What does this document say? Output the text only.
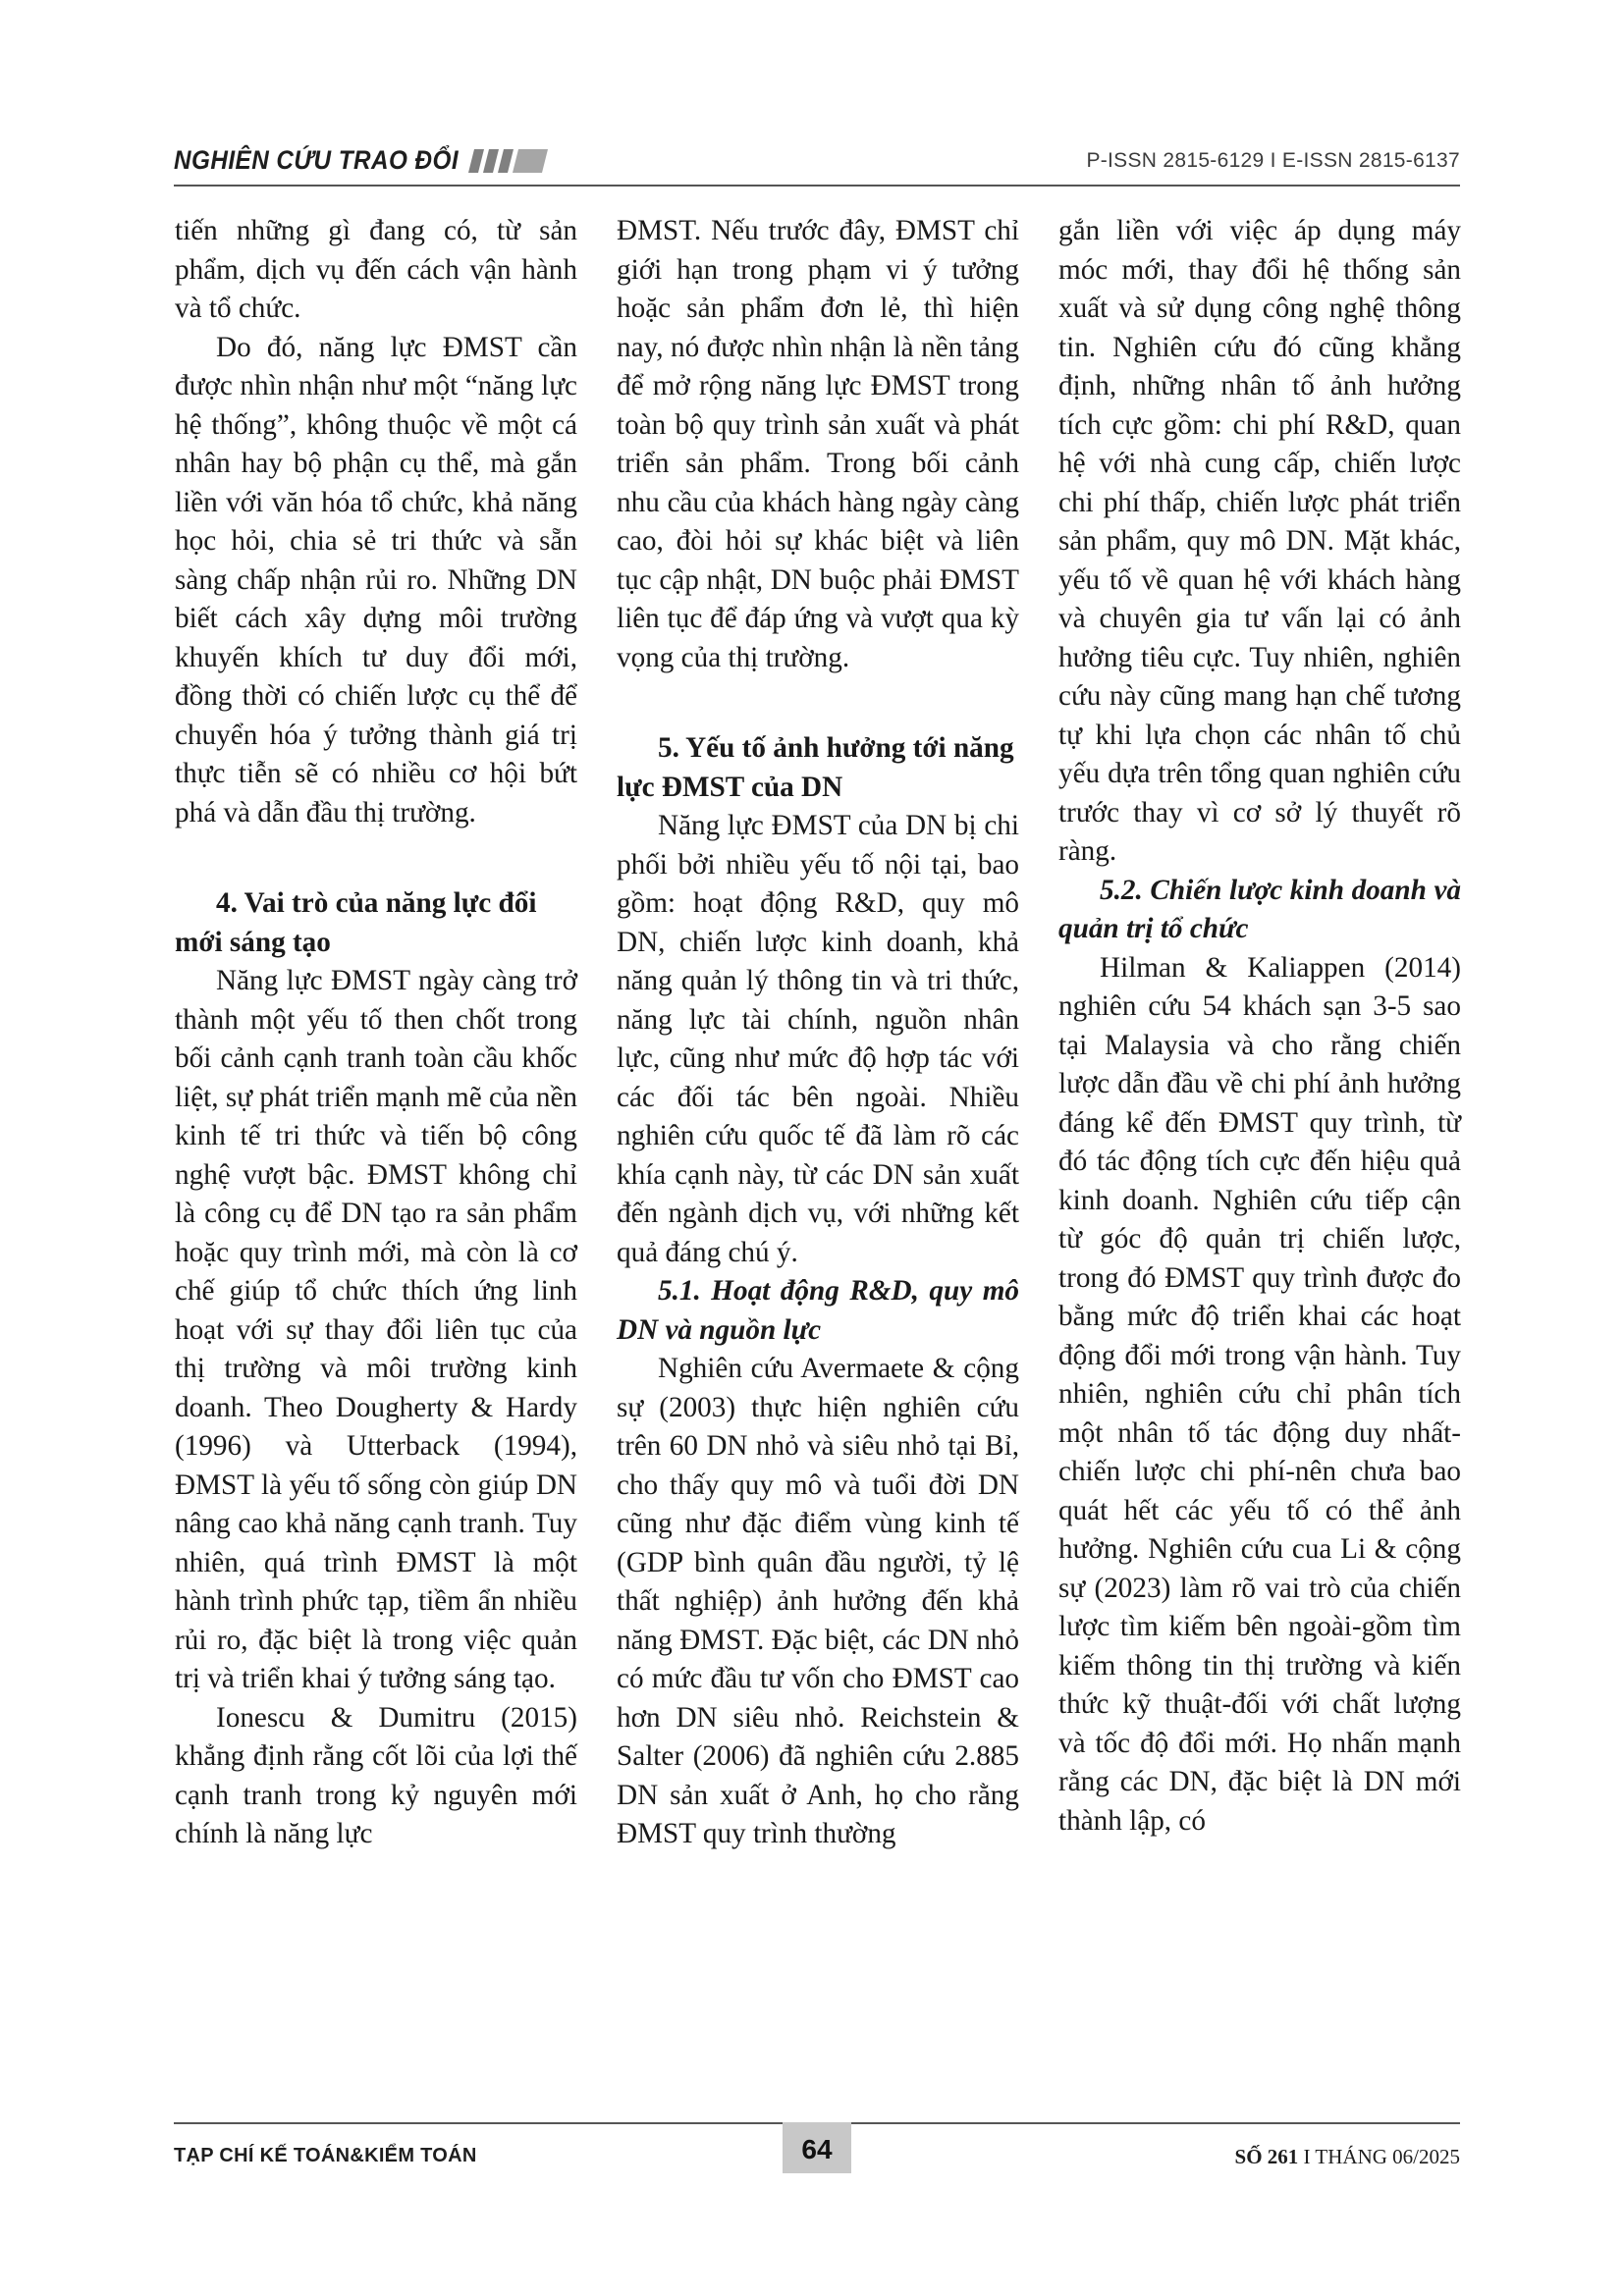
NGHIÊN CỨU TRAO ĐỔI	P-ISSN 2815-6129 I E-ISSN 2815-6137

tiến những gì đang có, từ sản phẩm, dịch vụ đến cách vận hành và tổ chức.

Do đó, năng lực ĐMST cần được nhìn nhận như một “năng lực hệ thống”, không thuộc về một cá nhân hay bộ phận cụ thể, mà gắn liền với văn hóa tổ chức, khả năng học hỏi, chia sẻ tri thức và sẵn sàng chấp nhận rủi ro. Những DN biết cách xây dựng môi trường khuyến khích tư duy đổi mới, đồng thời có chiến lược cụ thể để chuyển hóa ý tưởng thành giá trị thực tiễn sẽ có nhiều cơ hội bứt phá và dẫn đầu thị trường.

4. Vai trò của năng lực đổi mới sáng tạo

Năng lực ĐMST ngày càng trở thành một yếu tố then chốt trong bối cảnh cạnh tranh toàn cầu khốc liệt, sự phát triển mạnh mẽ của nền kinh tế tri thức và tiến bộ công nghệ vượt bậc. ĐMST không chỉ là công cụ để DN tạo ra sản phẩm hoặc quy trình mới, mà còn là cơ chế giúp tổ chức thích ứng linh hoạt với sự thay đổi liên tục của thị trường và môi trường kinh doanh. Theo Dougherty & Hardy (1996) và Utterback (1994), ĐMST là yếu tố sống còn giúp DN nâng cao khả năng cạnh tranh. Tuy nhiên, quá trình ĐMST là một hành trình phức tạp, tiềm ẩn nhiều rủi ro, đặc biệt là trong việc quản trị và triển khai ý tưởng sáng tạo.

Ionescu & Dumitru (2015) khẳng định rằng cốt lõi của lợi thế cạnh tranh trong kỷ nguyên mới chính là năng lực

ĐMST. Nếu trước đây, ĐMST chỉ giới hạn trong phạm vi ý tưởng hoặc sản phẩm đơn lẻ, thì hiện nay, nó được nhìn nhận là nền tảng để mở rộng năng lực ĐMST trong toàn bộ quy trình sản xuất và phát triển sản phẩm. Trong bối cảnh nhu cầu của khách hàng ngày càng cao, đòi hỏi sự khác biệt và liên tục cập nhật, DN buộc phải ĐMST liên tục để đáp ứng và vượt qua kỳ vọng của thị trường.

5. Yếu tố ảnh hưởng tới năng lực ĐMST của DN

Năng lực ĐMST của DN bị chi phối bởi nhiều yếu tố nội tại, bao gồm: hoạt động R&D, quy mô DN, chiến lược kinh doanh, khả năng quản lý thông tin và tri thức, năng lực tài chính, nguồn nhân lực, cũng như mức độ hợp tác với các đối tác bên ngoài. Nhiều nghiên cứu quốc tế đã làm rõ các khía cạnh này, từ các DN sản xuất đến ngành dịch vụ, với những kết quả đáng chú ý.

5.1. Hoạt động R&D, quy mô DN và nguồn lực

Nghiên cứu Avermaete & cộng sự (2003) thực hiện nghiên cứu trên 60 DN nhỏ và siêu nhỏ tại Bỉ, cho thấy quy mô và tuổi đời DN cũng như đặc điểm vùng kinh tế (GDP bình quân đầu người, tỷ lệ thất nghiệp) ảnh hưởng đến khả năng ĐMST. Đặc biệt, các DN nhỏ có mức đầu tư vốn cho ĐMST cao hơn DN siêu nhỏ. Reichstein & Salter (2006) đã nghiên cứu 2.885 DN sản xuất ở Anh, họ cho rằng ĐMST quy trình thường

gắn liền với việc áp dụng máy móc mới, thay đổi hệ thống sản xuất và sử dụng công nghệ thông tin. Nghiên cứu đó cũng khẳng định, những nhân tố ảnh hưởng tích cực gồm: chi phí R&D, quan hệ với nhà cung cấp, chiến lược chi phí thấp, chiến lược phát triển sản phẩm, quy mô DN. Mặt khác, yếu tố về quan hệ với khách hàng và chuyên gia tư vấn lại có ảnh hưởng tiêu cực. Tuy nhiên, nghiên cứu này cũng mang hạn chế tương tự khi lựa chọn các nhân tố chủ yếu dựa trên tổng quan nghiên cứu trước thay vì cơ sở lý thuyết rõ ràng.

5.2. Chiến lược kinh doanh và quản trị tổ chức

Hilman & Kaliappen (2014) nghiên cứu 54 khách sạn 3-5 sao tại Malaysia và cho rằng chiến lược dẫn đầu về chi phí ảnh hưởng đáng kể đến ĐMST quy trình, từ đó tác động tích cực đến hiệu quả kinh doanh. Nghiên cứu tiếp cận từ góc độ quản trị chiến lược, trong đó ĐMST quy trình được đo bằng mức độ triển khai các hoạt động đổi mới trong vận hành. Tuy nhiên, nghiên cứu chỉ phân tích một nhân tố tác động duy nhất-chiến lược chi phí-nên chưa bao quát hết các yếu tố có thể ảnh hưởng. Nghiên cứu cua Li & cộng sự (2023) làm rõ vai trò của chiến lược tìm kiếm bên ngoài-gồm tìm kiếm thông tin thị trường và kiến thức kỹ thuật-đối với chất lượng và tốc độ đổi mới. Họ nhấn mạnh rằng các DN, đặc biệt là DN mới thành lập, có

TẠP CHÍ KẾ TOÁN&KIỂM TOÁN	64	SỐ 261 I THÁNG 06/2025
